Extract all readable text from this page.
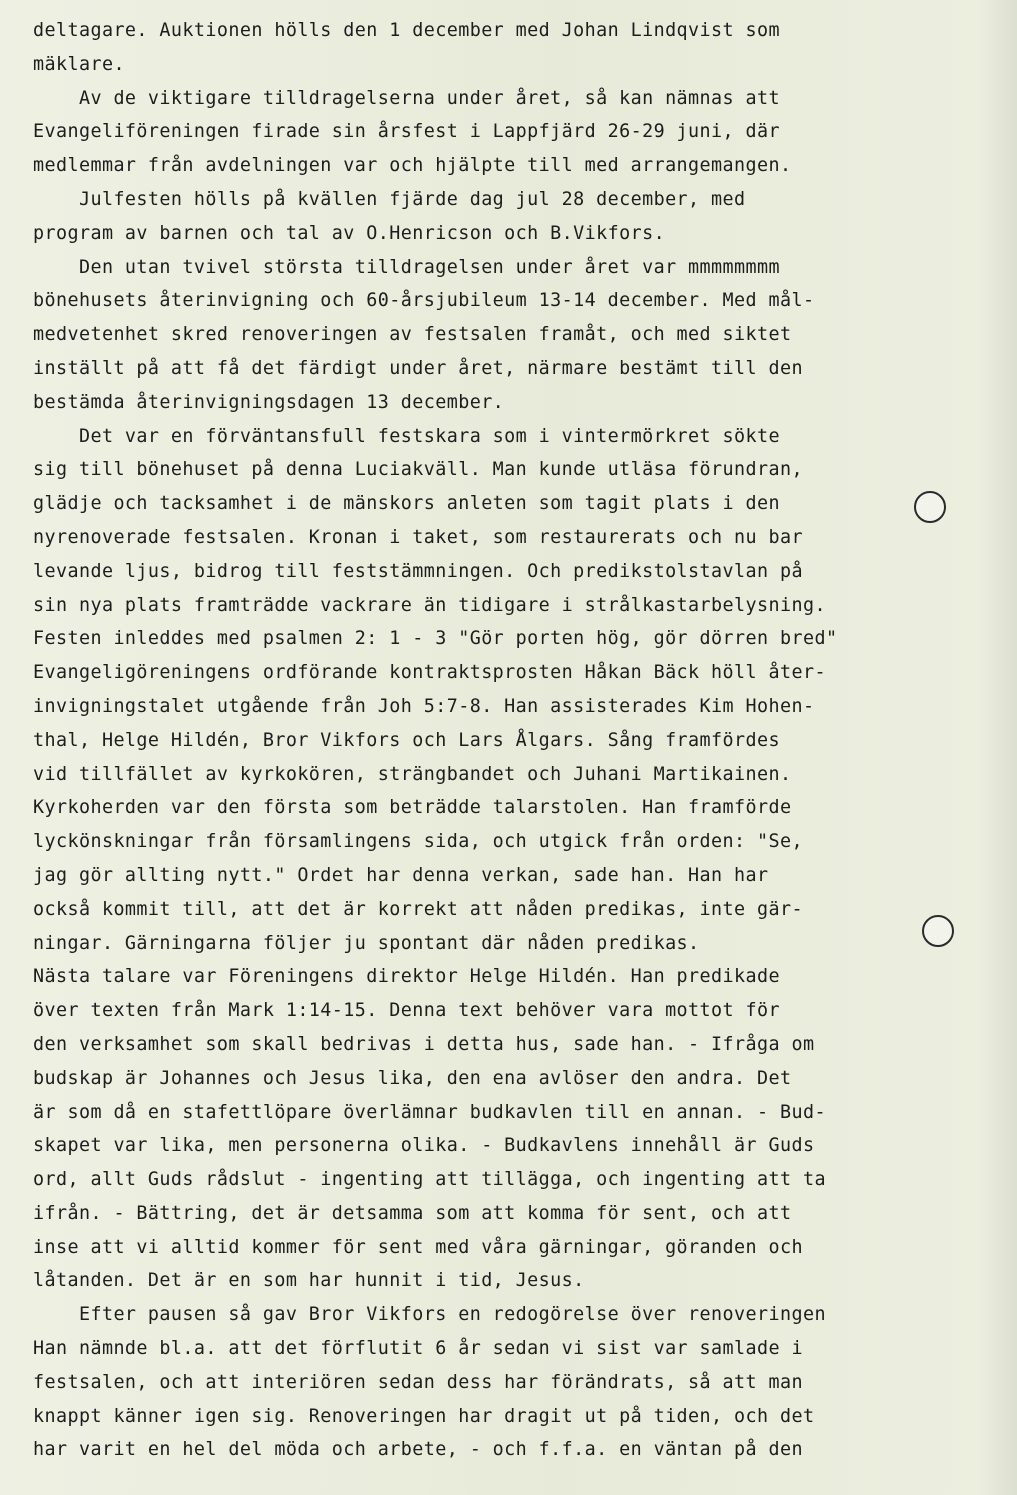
deltagare. Auktionen hölls den 1 december med Johan Lindqvist som
mäklare.
Av de viktigare tilldragelserna under året, så kan nämnas att
Evangeliföreningen firade sin årsfest i Lappfjärd 26-29 juni, där
medlemmar från avdelningen var och hjälpte till med arrangemangen.
Julfesten hölls på kvällen fjärde dag jul 28 december, med
program av barnen och tal av O.Henricson och B.Vikfors.
Den utan tvivel största tilldragelsen under året var mmmmmmmm
bönehusets återinvigning och 60-årsjubileum 13-14 december. Med mål-
medvetenhet skred renoveringen av festsalen framåt, och med siktet
inställt på att få det färdigt under året, närmare bestämt till den
bestämda återinvigningsdagen 13 december.
Det var en förväntansfull festskara som i vintermörkret sökte
sig till bönehuset på denna Luciakväll. Man kunde utläsa förundran,
glädje och tacksamhet i de mänskors anleten som tagit plats i den
nyrenoverade festsalen. Kronan i taket, som restaurerats och nu bar
levande ljus, bidrog till feststämmningen. Och predikstolstavlan på
sin nya plats framträdde vackrare än tidigare i strålkastarbelysning.
Festen inleddes med psalmen 2: 1 - 3 "Gör porten hög, gör dörren bred"
Evangeligöreningens ordförande kontraktsprosten Håkan Bäck höll åter-
invigningstalet utgående från Joh 5:7-8. Han assisterades Kim Hohen-
thal, Helge Hildén, Bror Vikfors och Lars Ålgars. Sång framfördes
vid tillfället av kyrkokören, strängbandet och Juhani Martikainen.
Kyrkoherden var den första som beträdde talarstolen. Han framförde
lyckönskningar från församlingens sida, och utgick från orden: "Se,
jag gör allting nytt." Ordet har denna verkan, sade han. Han har
också kommit till, att det är korrekt att nåden predikas, inte gär-
ningar. Gärningarna följer ju spontant där nåden predikas.
Nästa talare var Föreningens direktor Helge Hildén. Han predikade
över texten från Mark 1:14-15. Denna text behöver vara mottot för
den verksamhet som skall bedrivas i detta hus, sade han. - Ifråga om
budskap är Johannes och Jesus lika, den ena avlöser den andra. Det
är som då en stafettlöpare överlämnar budkavlen till en annan. - Bud-
skapet var lika, men personerna olika. - Budkavlens innehåll är Guds
ord, allt Guds rådslut - ingenting att tillägga, och ingenting att ta
ifrån. - Bättring, det är detsamma som att komma för sent, och att
inse att vi alltid kommer för sent med våra gärningar, göranden och
låtanden. Det är en som har hunnit i tid, Jesus.
Efter pausen så gav Bror Vikfors en redogörelse över renoveringen
Han nämnde bl.a. att det förflutit 6 år sedan vi sist var samlade i
festsalen, och att interiören sedan dess har förändrats, så att man
knappt känner igen sig. Renoveringen har dragit ut på tiden, och det
har varit en hel del möda och arbete, - och f.f.a. en väntan på den
